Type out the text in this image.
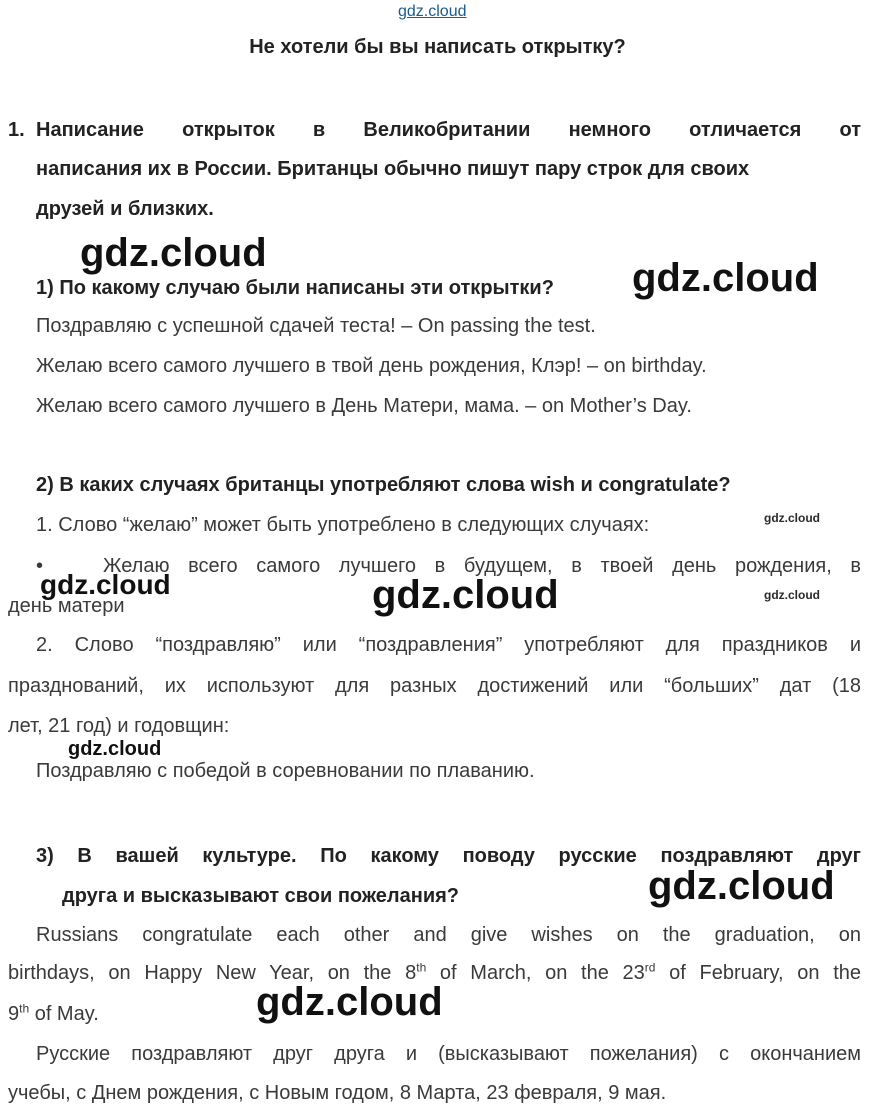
gdz.cloud
Не хотели бы вы написать открытку?
1. Написание открыток в Великобритании немного отличается от
написания их в России. Британцы обычно пишут пару строк для своих
друзей и близких.
gdz.cloud
1) По какому случаю были написаны эти открытки? gdz.cloud
Поздравляю с успешной сдачей теста! – On passing the test.
Желаю всего самого лучшего в твой день рождения, Клэр! – on birthday.
Желаю всего самого лучшего в День Матери, мама. – on Mother’s Day.
2) В каких случаях британцы употребляют слова wish и congratulate?
1. Слово “желаю” может быть употреблено в следующих случаях:	gdz.cloud
•	Желаю всего самого лучшего в будущем, в твоей день рождения, в
день матери
gdz.cloud	gdz.cloud	gdz.cloud
2. Слово “поздравляю” или “поздравления” употребляют для праздников и
празднований, их используют для разных достижений или “больших” дат (18
лет, 21 год) и годовщин:
gdz.cloud
Поздравляю с победой в соревновании по плаванию.
3) В вашей культуре. По какому поводу русские поздравляют друг
друга и высказывают свои пожелания?	gdz.cloud
Russians congratulate each other and give wishes on the graduation, on
birthdays, on Happy New Year, on the 8th of March, on the 23rd of February, on the
9th of May.	gdz.cloud
Русские поздравляют друг друга и (высказывают пожелания) с окончанием
учебы, с Днем рождения, с Новым годом, 8 Марта, 23 февраля, 9 мая.
